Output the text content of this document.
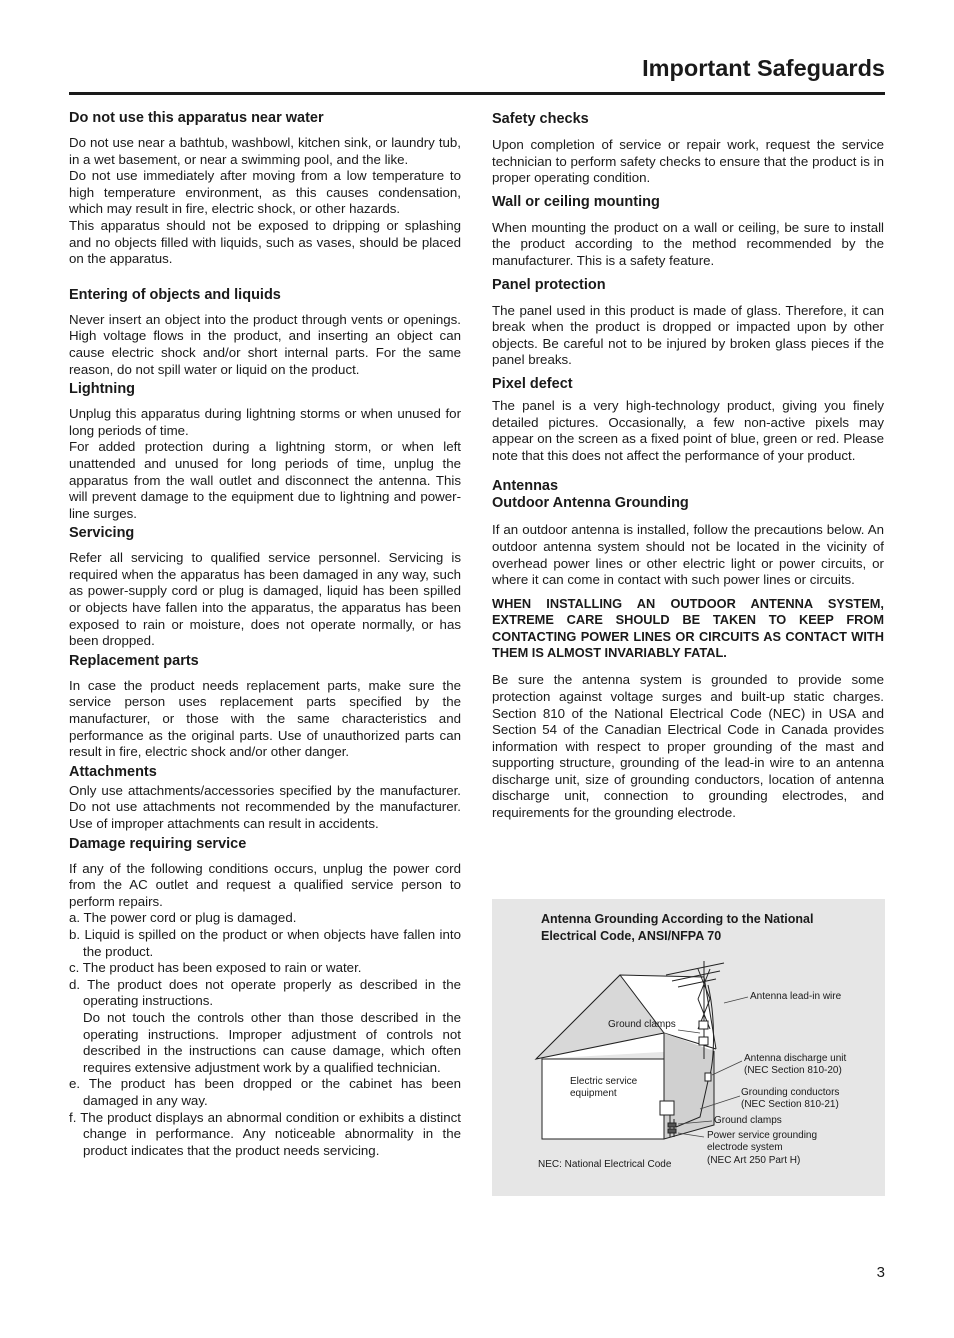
Important Safeguards

Do not use this apparatus near water

Do not use near a bathtub, washbowl, kitchen sink, or laundry tub, in a wet basement, or near a swimming pool, and the like.

Do not use immediately after moving from a low temperature to high temperature environment, as this causes condensation, which may result in fire, electric shock, or other hazards.

This apparatus should not be exposed to dripping or splashing and no objects filled with liquids, such as vases, should be placed on the apparatus.

Entering of objects and liquids

Never insert an object into the product through vents or openings. High voltage flows in the product, and inserting an object can cause electric shock and/or short internal parts. For the same reason, do not spill water or liquid on the product.

Lightning

Unplug this apparatus during lightning storms or when unused for long periods of time.

For added protection during a lightning storm, or when left unattended and unused for long periods of time, unplug the apparatus from the wall outlet and disconnect the antenna. This will prevent damage to the equipment due to lightning and power-line surges.

Servicing

Refer all servicing to qualified service personnel. Servicing is required when the apparatus has been damaged in any way, such as power-supply cord or plug is damaged, liquid has been spilled or objects have fallen into the apparatus, the apparatus has been exposed to rain or moisture, does not operate normally, or has been dropped.

Replacement parts

In case the product needs replacement parts, make sure the service person uses replacement parts specified by the manufacturer, or those with the same characteristics and performance as the original parts. Use of unauthorized parts can result in fire, electric shock and/or other danger.

Attachments

Only use attachments/accessories specified by the manufacturer. Do not use attachments not recommended by the manufacturer. Use of improper attachments can result in accidents.

Damage requiring service

If any of the following conditions occurs, unplug the power cord from the AC outlet and request a qualified service person to perform repairs.

a. The power cord or plug is damaged.
b. Liquid is spilled on the product or when objects have fallen into the product.
c. The product has been exposed to rain or water.
d. The product does not operate properly as described in the operating instructions.

Do not touch the controls other than those described in the operating instructions. Improper adjustment of controls not described in the instructions can cause damage, which often requires extensive adjustment work by a qualified technician.

e. The product has been dropped or the cabinet has been damaged in any way.
f. The product displays an abnormal condition or exhibits a distinct change in performance. Any noticeable abnormality in the product indicates that the product needs servicing.

Safety checks

Upon completion of service or repair work, request the service technician to perform safety checks to ensure that the product is in proper operating condition.

Wall or ceiling mounting

When mounting the product on a wall or ceiling, be sure to install the product according to the method recommended by the manufacturer. This is a safety feature.

Panel protection

The panel used in this product is made of glass. Therefore, it can break when the product is dropped or impacted upon by other objects. Be careful not to be injured by broken glass pieces if the panel breaks.

Pixel defect

The panel is a very high-technology product, giving you finely detailed pictures. Occasionally, a few non-active pixels may appear on the screen as a fixed point of blue, green or red. Please note that this does not affect the performance of your product.

Antennas

Outdoor Antenna Grounding

If an outdoor antenna is installed, follow the precautions below. An outdoor antenna system should not be located in the vicinity of overhead power lines or other electric light or power circuits, or where it can come in contact with such power lines or circuits.

WHEN INSTALLING AN OUTDOOR ANTENNA SYSTEM, EXTREME CARE SHOULD BE TAKEN TO KEEP FROM CONTACTING POWER LINES OR CIRCUITS AS CONTACT WITH THEM IS ALMOST INVARIABLY FATAL.

Be sure the antenna system is grounded to provide some protection against voltage surges and built-up static charges. Section 810 of the National Electrical Code (NEC) in USA and Section 54 of the Canadian Electrical Code in Canada provides information with respect to proper grounding of the mast and supporting structure, grounding of the lead-in wire to an antenna discharge unit, size of grounding conductors, location of antenna discharge unit, connection to grounding electrodes, and requirements for the grounding electrode.

Antenna Grounding According to the National
Electrical Code, ANSI/NFPA 70
Antenna lead-in wire
Ground clamps
Antenna discharge unit
(NEC Section 810-20)
Electric service
equipment	Grounding conductors
(NEC Section 810-21)
Ground clamps
Power service grounding
electrode system
(NEC Art 250 Part H)
NEC: National Electrical Code
3
